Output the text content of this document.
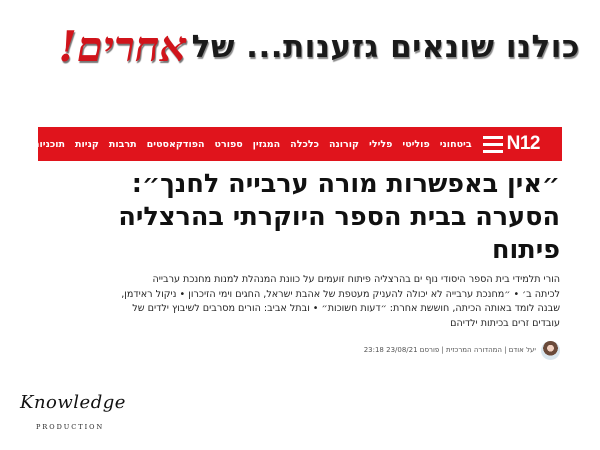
כולנו שונאים גזענות... של אחרים!
N12
ביטחוני
פוליטי
פלילי
קורונה
כלכלה
המגזין
ספורט
הפודקאסטים
תרבות
קניות
תוכניות
ס
״אין באפשרות מורה ערבייה לחנך״:
הסערה בבית הספר היוקרתי בהרצליה
פיתוח
הורי תלמידי בית הספר היסודי נוף ים בהרצליה פיתוח זועמים על כוונת המנהלת למנות מחנכת ערבייה
לכיתה ב׳ • ״מחנכת ערבייה לא יכולה להעניק מעטפת של אהבת ישראל, החגים וימי הזיכרון • ניקול ראידמן,
שבנה לומד באותה הכיתה, חוששת אחרת: ״דעות חשוכות״ • ובתל אביב: הורים מסרבים לשיבוץ ילדים של
עובדים זרים בכיתות ילדיהם
יעל אודם | המהדורה המרכזית | פורסם 23/08/21 23:18
Knowledge
PRODUCTION
